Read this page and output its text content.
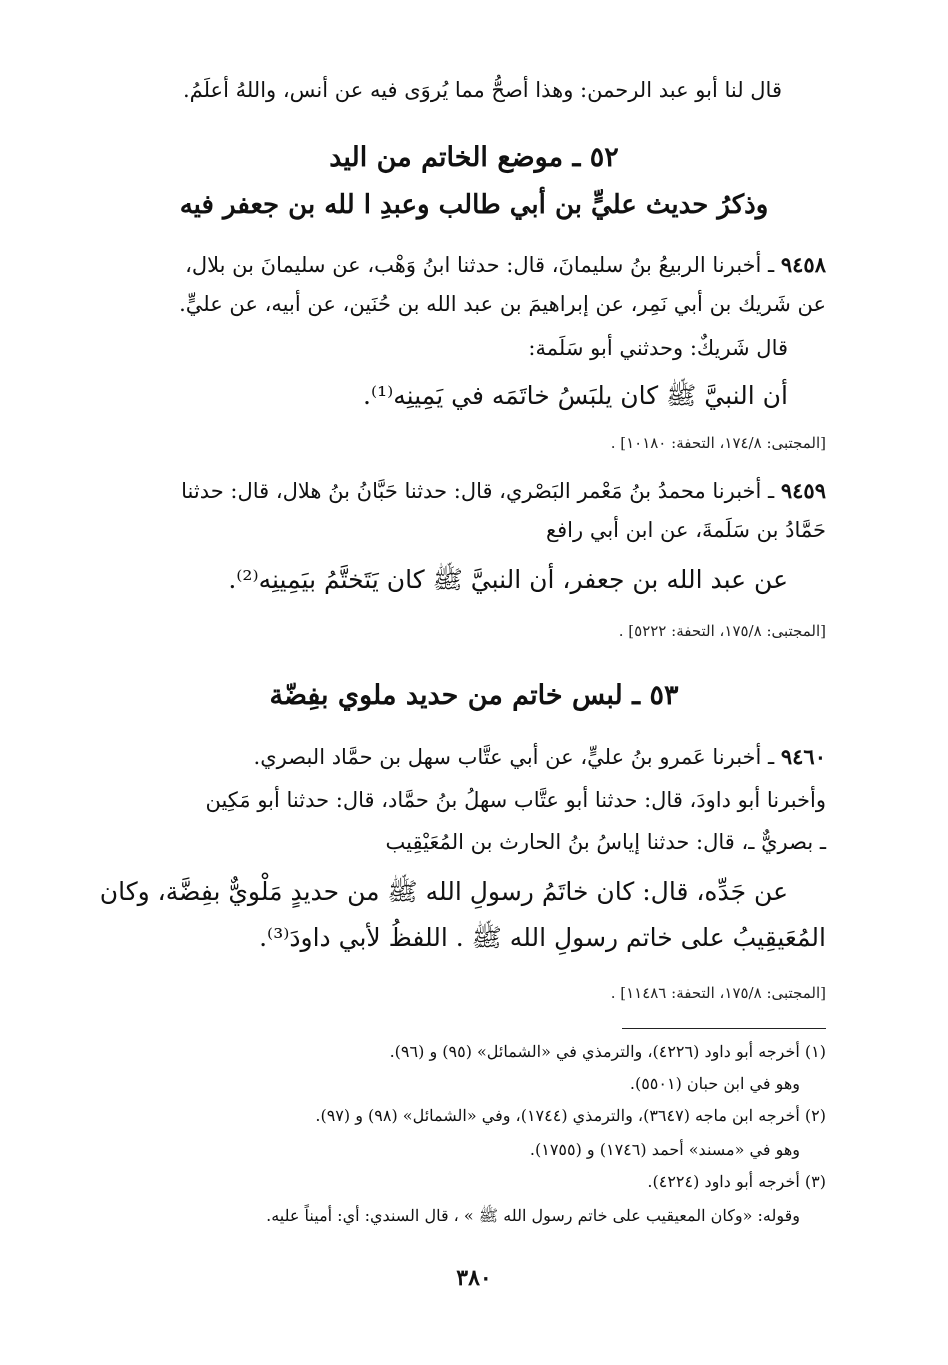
قال لنا أبو عبد الرحمن: وهذا أصحُّ مما يُروَى فيه عن أنس، واللهُ أعلَمُ.
٥٢ ـ موضع الخاتم من اليد
وذكرُ حديث عليٍّ بن أبي طالب وعبدِ ا لله بن جعفر فيه
٩٤٥٨ ـ أخبرنا الربيعُ بنُ سليمانَ، قال: حدثنا ابنُ وَهْب، عن سليمانَ بن بلال،
عن شَريك بن أبي نَمِر، عن إبراهيمَ بن عبد الله بن حُنَين، عن أبيه، عن عليٍّ.
قال شَريكٌ: وحدثني أبو سَلَمة:
أن النبيَّ ﷺ كان يلبَسُ خاتَمَه في يَمِينِه⁽¹⁾.
[المجتبى: ١٧٤/٨، التحفة: ١٠١٨٠] .
٩٤٥٩ ـ أخبرنا محمدُ بنُ مَعْمر البَصْري، قال: حدثنا حَبَّانُ بنُ هلال، قال: حدثنا
حَمَّادُ بن سَلَمةَ، عن ابن أبي رافع
عن عبد الله بن جعفر، أن النبيَّ ﷺ كان يَتَختَّمُ بيَمِينِه⁽²⁾.
[المجتبى: ١٧٥/٨، التحفة: ٥٢٢٢] .
٥٣ ـ لبس خاتم من حديد ملوي بفِضّة
٩٤٦٠ ـ أخبرنا عَمرو بنُ عليٍّ، عن أبي عتَّاب سهل بن حمَّاد البصري.
وأخبرنا أبو داودَ، قال: حدثنا أبو عتَّاب سهلُ بنُ حمَّاد، قال: حدثنا أبو مَكِين
ـ بصريٌّ ـ، قال: حدثنا إياسُ بنُ الحارث بن المُعَيْقِيب
عن جَدِّه، قال: كان خاتَمُ رسولِ الله ﷺ من حديدٍ مَلْويٌّ بفِضَّة، وكان
المُعَيقِيبُ على خاتم رسولِ الله ﷺ . اللفظُ لأبي داودَ⁽³⁾.
[المجتبى: ١٧٥/٨، التحفة: ١١٤٨٦] .
(١) أخرجه أبو داود (٤٢٢٦)، والترمذي في «الشمائل» (٩٥) و (٩٦).
وهو في ابن حبان (٥٥٠١).
(٢) أخرجه ابن ماجه (٣٦٤٧)، والترمذي (١٧٤٤)، وفي «الشمائل» (٩٨) و (٩٧).
وهو في «مسند» أحمد (١٧٤٦) و (١٧٥٥).
(٣) أخرجه أبو داود (٤٢٢٤).
وقوله: «وكان المعيقيب على خاتم رسول الله ﷺ » ، قال السندي: أي: أميناً عليه.
٣٨٠
